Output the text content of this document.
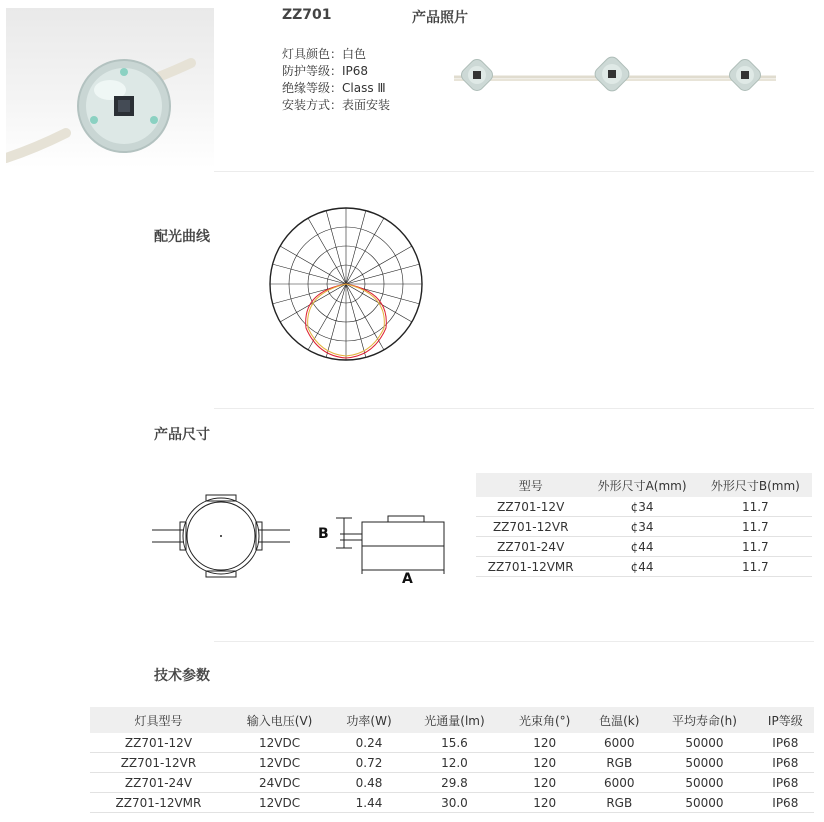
ZZ701	产品照片
灯具颜色：白色
防护等级：IP68
绝缘等级：Class Ⅲ
安装方式：表面安装
配光曲线
产品尺寸
B
A
型号	外形尺寸A(mm)	外形尺寸B(mm)
ZZ701-12V	¢34	11.7
ZZ701-12VR	¢34	11.7
ZZ701-24V	¢44	11.7
ZZ701-12VMR	¢44	11.7
技术参数
灯具型号	输入电压(V)	功率(W)	光通量(lm)	光束角(°)	色温(k)	平均寿命(h)	IP等级
ZZ701-12V	12VDC	0.24	15.6	120	6000	50000	IP68
ZZ701-12VR	12VDC	0.72	12.0	120	RGB	50000	IP68
ZZ701-24V	24VDC	0.48	29.8	120	6000	50000	IP68
ZZ701-12VMR	12VDC	1.44	30.0	120	RGB	50000	IP68
